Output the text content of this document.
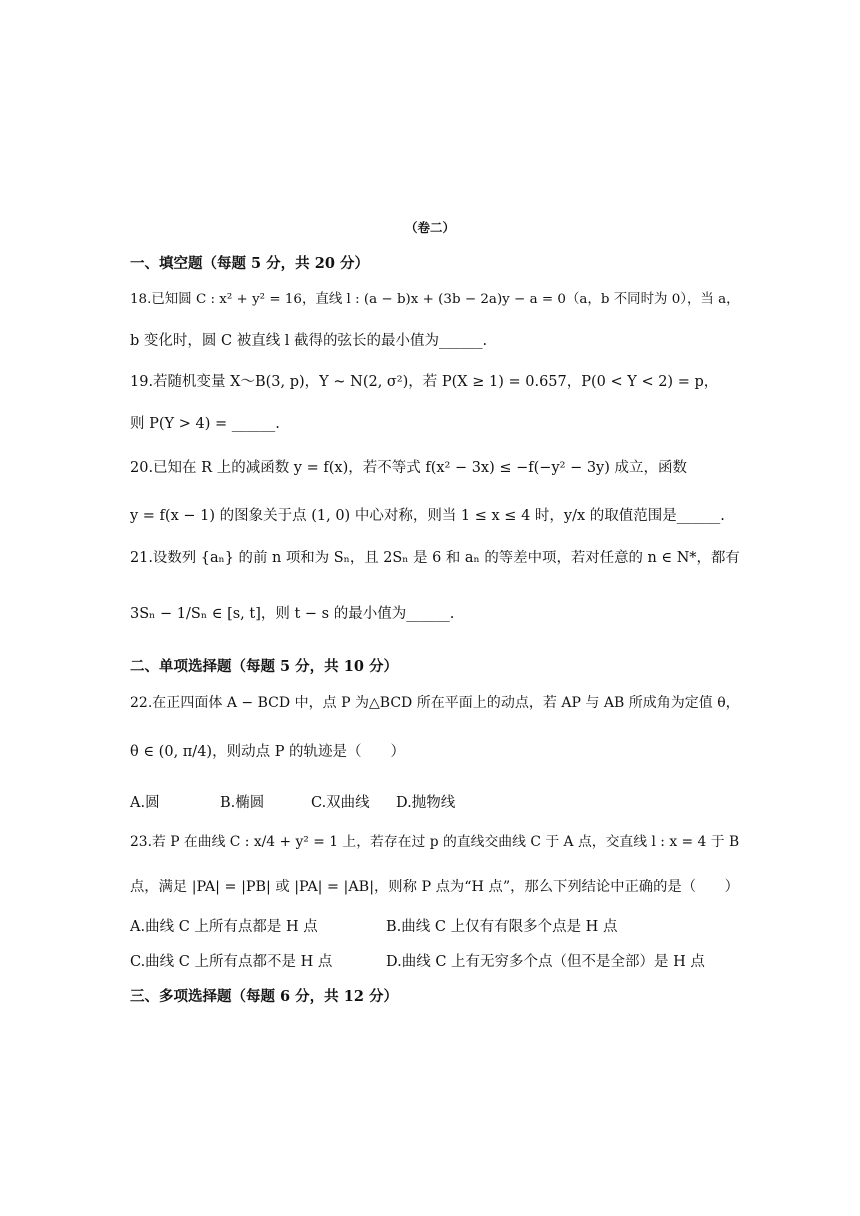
（卷二）
一、填空题（每题 5 分，共 20 分）
18.已知圆 C : x² + y² = 16，直线 l : (a − b)x + (3b − 2a)y − a = 0（a，b 不同时为 0），当 a，
b 变化时，圆 C 被直线 l 截得的弦长的最小值为______.
19.若随机变量 X～B(3, p)，Y ~ N(2, σ²)，若 P(X ≥ 1) = 0.657，P(0 < Y < 2) = p，
则 P(Y > 4) = ______.
20.已知在 R 上的减函数 y = f(x)，若不等式 f(x² − 3x) ≤ −f(−y² − 3y) 成立，函数
y = f(x − 1) 的图象关于点 (1, 0) 中心对称，则当 1 ≤ x ≤ 4 时，y/x 的取值范围是______.
21.设数列 {aₙ} 的前 n 项和为 Sₙ，且 2Sₙ 是 6 和 aₙ 的等差中项，若对任意的 n ∈ N*，都有
3Sₙ − 1/Sₙ ∈ [s, t]，则 t − s 的最小值为______.
二、单项选择题（每题 5 分，共 10 分）
22.在正四面体 A − BCD 中，点 P 为△BCD 所在平面上的动点，若 AP 与 AB 所成角为定值 θ，
θ ∈ (0, π/4)，则动点 P 的轨迹是（　　）
A.圆	B.椭圆	C.双曲线 D.抛物线
23.若 P 在曲线 C : x/4 + y² = 1 上，若存在过 p 的直线交曲线 C 于 A 点，交直线 l : x = 4 于 B
点，满足 |PA| = |PB| 或 |PA| = |AB|，则称 P 点为“H 点”，那么下列结论中正确的是（　　）
A.曲线 C 上所有点都是 H 点	B.曲线 C 上仅有有限多个点是 H 点
C.曲线 C 上所有点都不是 H 点	D.曲线 C 上有无穷多个点（但不是全部）是 H 点
三、多项选择题（每题 6 分，共 12 分）
